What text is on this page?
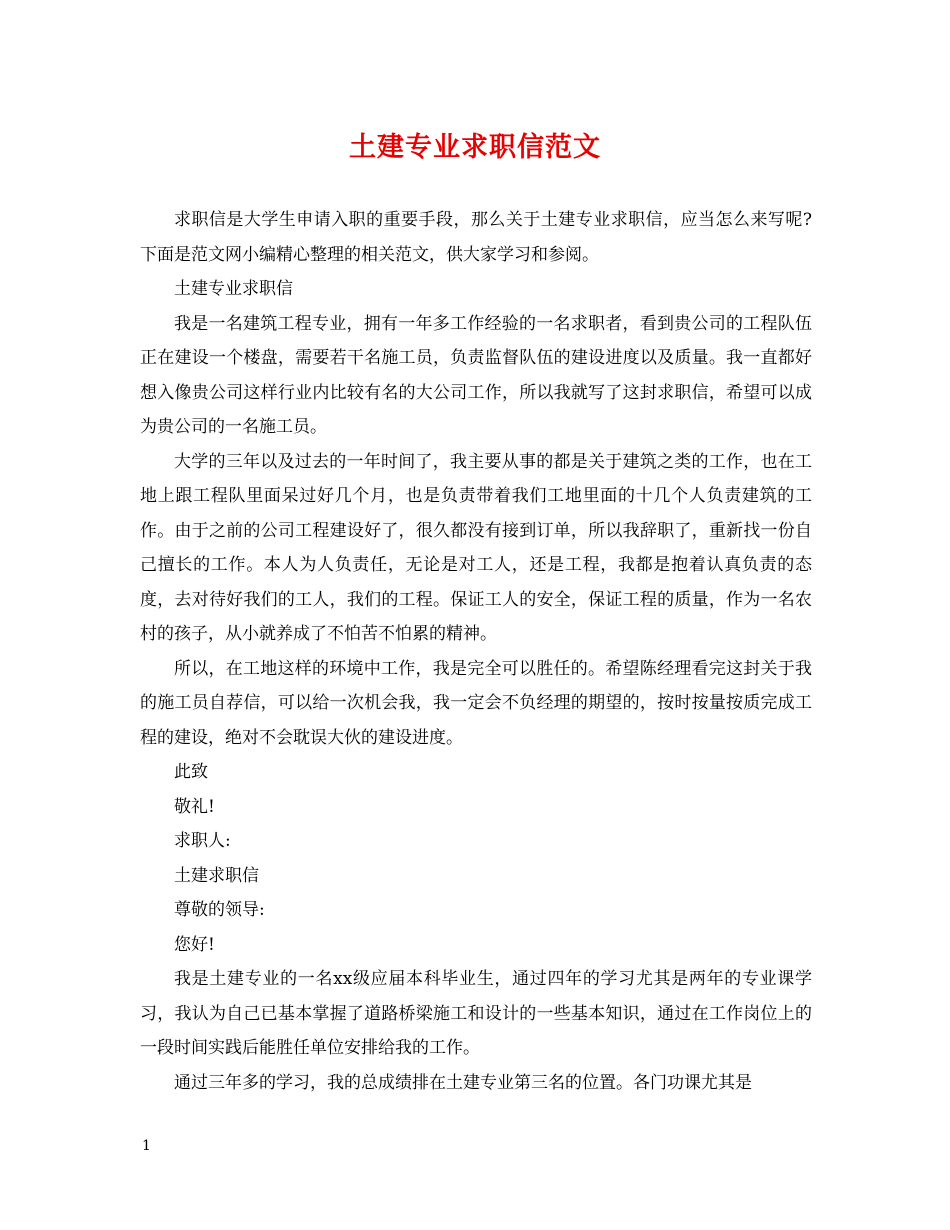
土建专业求职信范文

求职信是大学生申请入职的重要手段，那么关于土建专业求职信，应当怎么来写呢?下面是范文网小编精心整理的相关范文，供大家学习和参阅。

土建专业求职信

我是一名建筑工程专业，拥有一年多工作经验的一名求职者，看到贵公司的工程队伍正在建设一个楼盘，需要若干名施工员，负责监督队伍的建设进度以及质量。我一直都好想入像贵公司这样行业内比较有名的大公司工作，所以我就写了这封求职信，希望可以成为贵公司的一名施工员。

大学的三年以及过去的一年时间了，我主要从事的都是关于建筑之类的工作，也在工地上跟工程队里面呆过好几个月，也是负责带着我们工地里面的十几个人负责建筑的工作。由于之前的公司工程建设好了，很久都没有接到订单，所以我辞职了，重新找一份自己擅长的工作。本人为人负责任，无论是对工人，还是工程，我都是抱着认真负责的态度，去对待好我们的工人，我们的工程。保证工人的安全，保证工程的质量，作为一名农村的孩子，从小就养成了不怕苦不怕累的精神。

所以，在工地这样的环境中工作，我是完全可以胜任的。希望陈经理看完这封关于我的施工员自荐信，可以给一次机会我，我一定会不负经理的期望的，按时按量按质完成工程的建设，绝对不会耽误大伙的建设进度。

此致

敬礼!

求职人:

土建求职信

尊敬的领导:

您好!

我是土建专业的一名xx级应届本科毕业生，通过四年的学习尤其是两年的专业课学习，我认为自己已基本掌握了道路桥梁施工和设计的一些基本知识，通过在工作岗位上的一段时间实践后能胜任单位安排给我的工作。

通过三年多的学习，我的总成绩排在土建专业第三名的位置。各门功课尤其是

1
